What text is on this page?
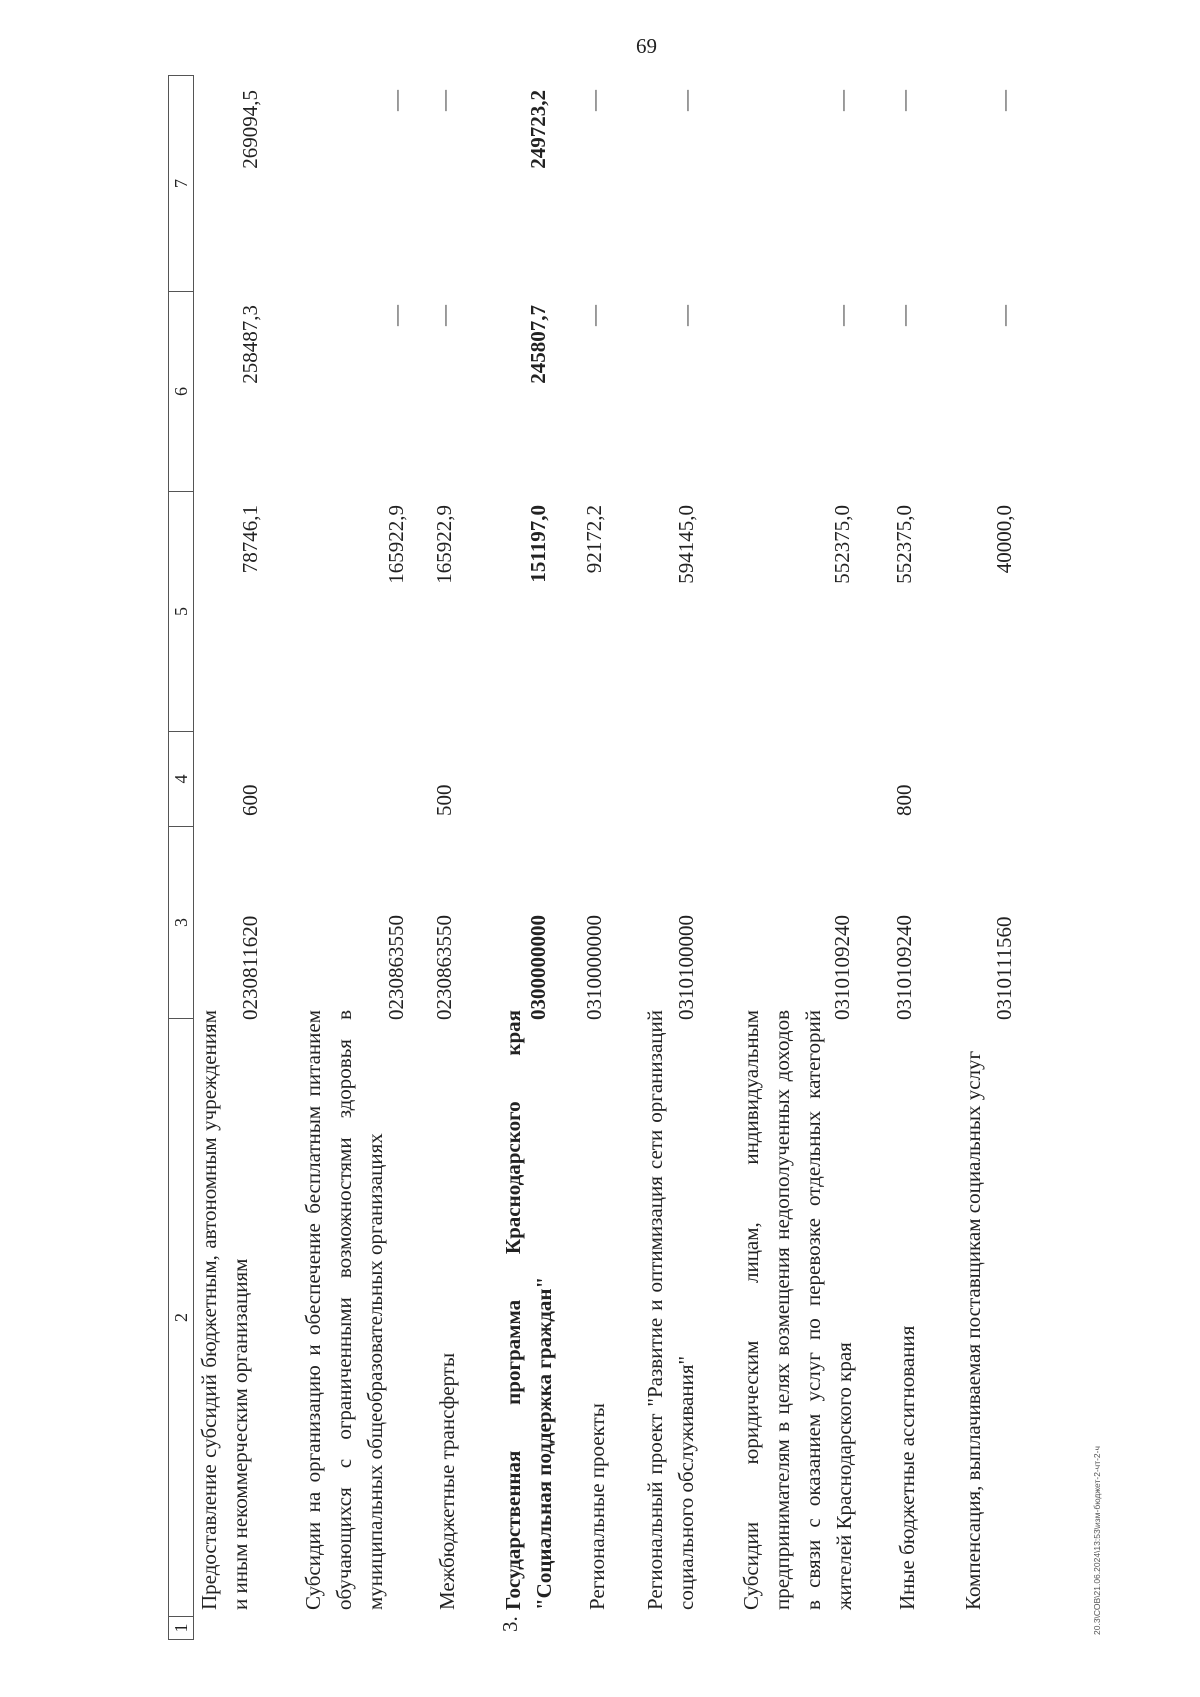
69
20.3\СОВ\21.06.2024\13:53\изм-бюджет-2-чт-2-ч
1
2
3
4
5
6
7
Предоставление субсидий бюджетным, автономным учреждениям и иным некоммерческим организациям
0230811620
600
78746,1
258487,3
269094,5
Субсидии на организацию и обеспечение бесплатным питанием обучающихся с ограниченными возможностями здоровья в муниципальных общеобразовательных организациях
0230863550
165922,9
—
—
Межбюджетные трансферты
0230863550
500
165922,9
—
—
3.
Государственная программа Краснодарского края "Социальная поддержка граждан"
0300000000
151197,0
245807,7
249723,2
Региональные проекты
0310000000
92172,2
—
—
Региональный проект "Развитие и оптимизация сети организаций социального обслуживания"
0310100000
594145,0
—
—
Субсидии юридическим лицам, индивидуальным предпринимателям в целях возмещения недополученных доходов в связи с оказанием услуг по перевозке отдельных категорий жителей Краснодарского края
0310109240
552375,0
—
—
Иные бюджетные ассигнования
0310109240
800
552375,0
—
—
Компенсация, выплачиваемая поставщикам социальных услуг
0310111560
40000,0
—
—
